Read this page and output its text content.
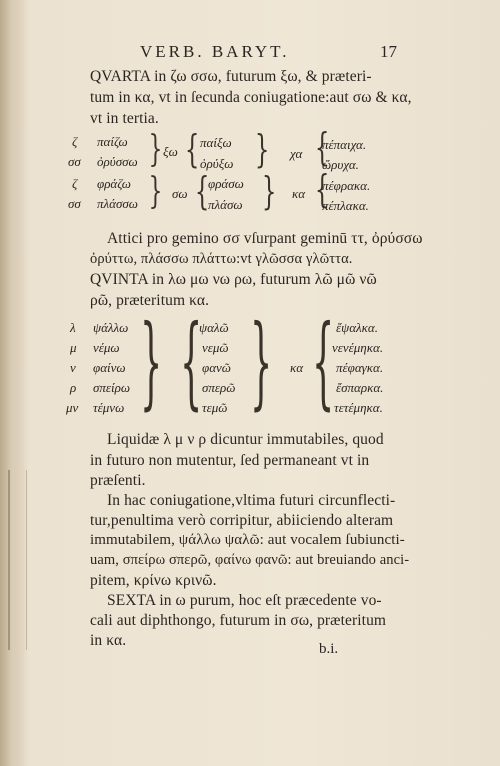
VERB. BARYT.	17
QVARTA in ζω σσω, futurum ξω, & præteri-
tum in κα, vt in ſecunda coniugatione:aut σω & κα,
vt in tertia.
ζ παίζω
σσ ὀρύσσω } ξω { παίξω
ὀρύξω } χα {
πέπαιχα.
ὤρυχα.
ζ φράζω
σσ πλάσσω } σω {
φράσω
πλάσω } κα {
πέφρακα.
πέπλακα.
Attici pro gemino σσ vſurpant geminū ττ, ὀρύσσω
ὀρύττω, πλάσσω πλάττω:vt γλῶσσα γλῶττα.
QVINTA in λω μω νω ρω, futurum λῶ μῶ νῶ
ρῶ, præteritum κα.
λ ψάλλω
μ νέμω
ν φαίνω
ρ σπείρω
μν τέμνω } {
ψαλῶ
νεμῶ
φανῶ
σπερῶ
τεμῶ } κα { ἔψαλκα.
νενέμηκα.
πέφαγκα.
ἔσπαρκα.
τετέμηκα.
Liquidæ λ μ ν ρ dicuntur immutabiles, quod
in futuro non mutentur, ſed permaneant vt in
præſenti.
In hac coniugatione,vltima futuri circunflecti-
tur,penultima verò corripitur, abiiciendo alteram
immutabilem, ψάλλω ψαλῶ: aut vocalem ſubiuncti-
uam, σπείρω σπερῶ, φαίνω φανῶ: aut breuiando anci-
pitem, κρίνω κρινῶ.
SEXTA in ω purum, hoc eſt præcedente vo-
cali aut diphthongo, futurum in σω, præteritum
in κα.	b.i.
